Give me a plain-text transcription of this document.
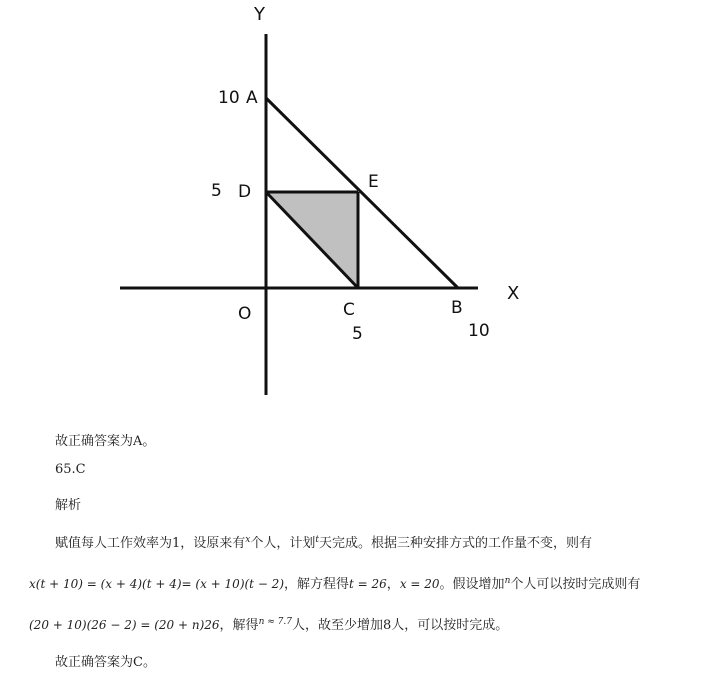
Y
X
10 A
5 D	E
O	C	B
5	10
故正确答案为A。
65.C
解析
赋值每人工作效率为1，设原来有$^x$个人，计划$^t$天完成。根据三种安排方式的工作量不变，则有
x(t + 10) = (x + 4)(t + 4)= (x + 10)(t − 2)，解方程得t = 26，x = 20。假设增加$^n$个人可以按时完成则有
(20 + 10)(26 − 2) = (20 + n)26，解得$^{n \approx 7.7}$人，故至少增加8人，可以按时完成。
故正确答案为C。
